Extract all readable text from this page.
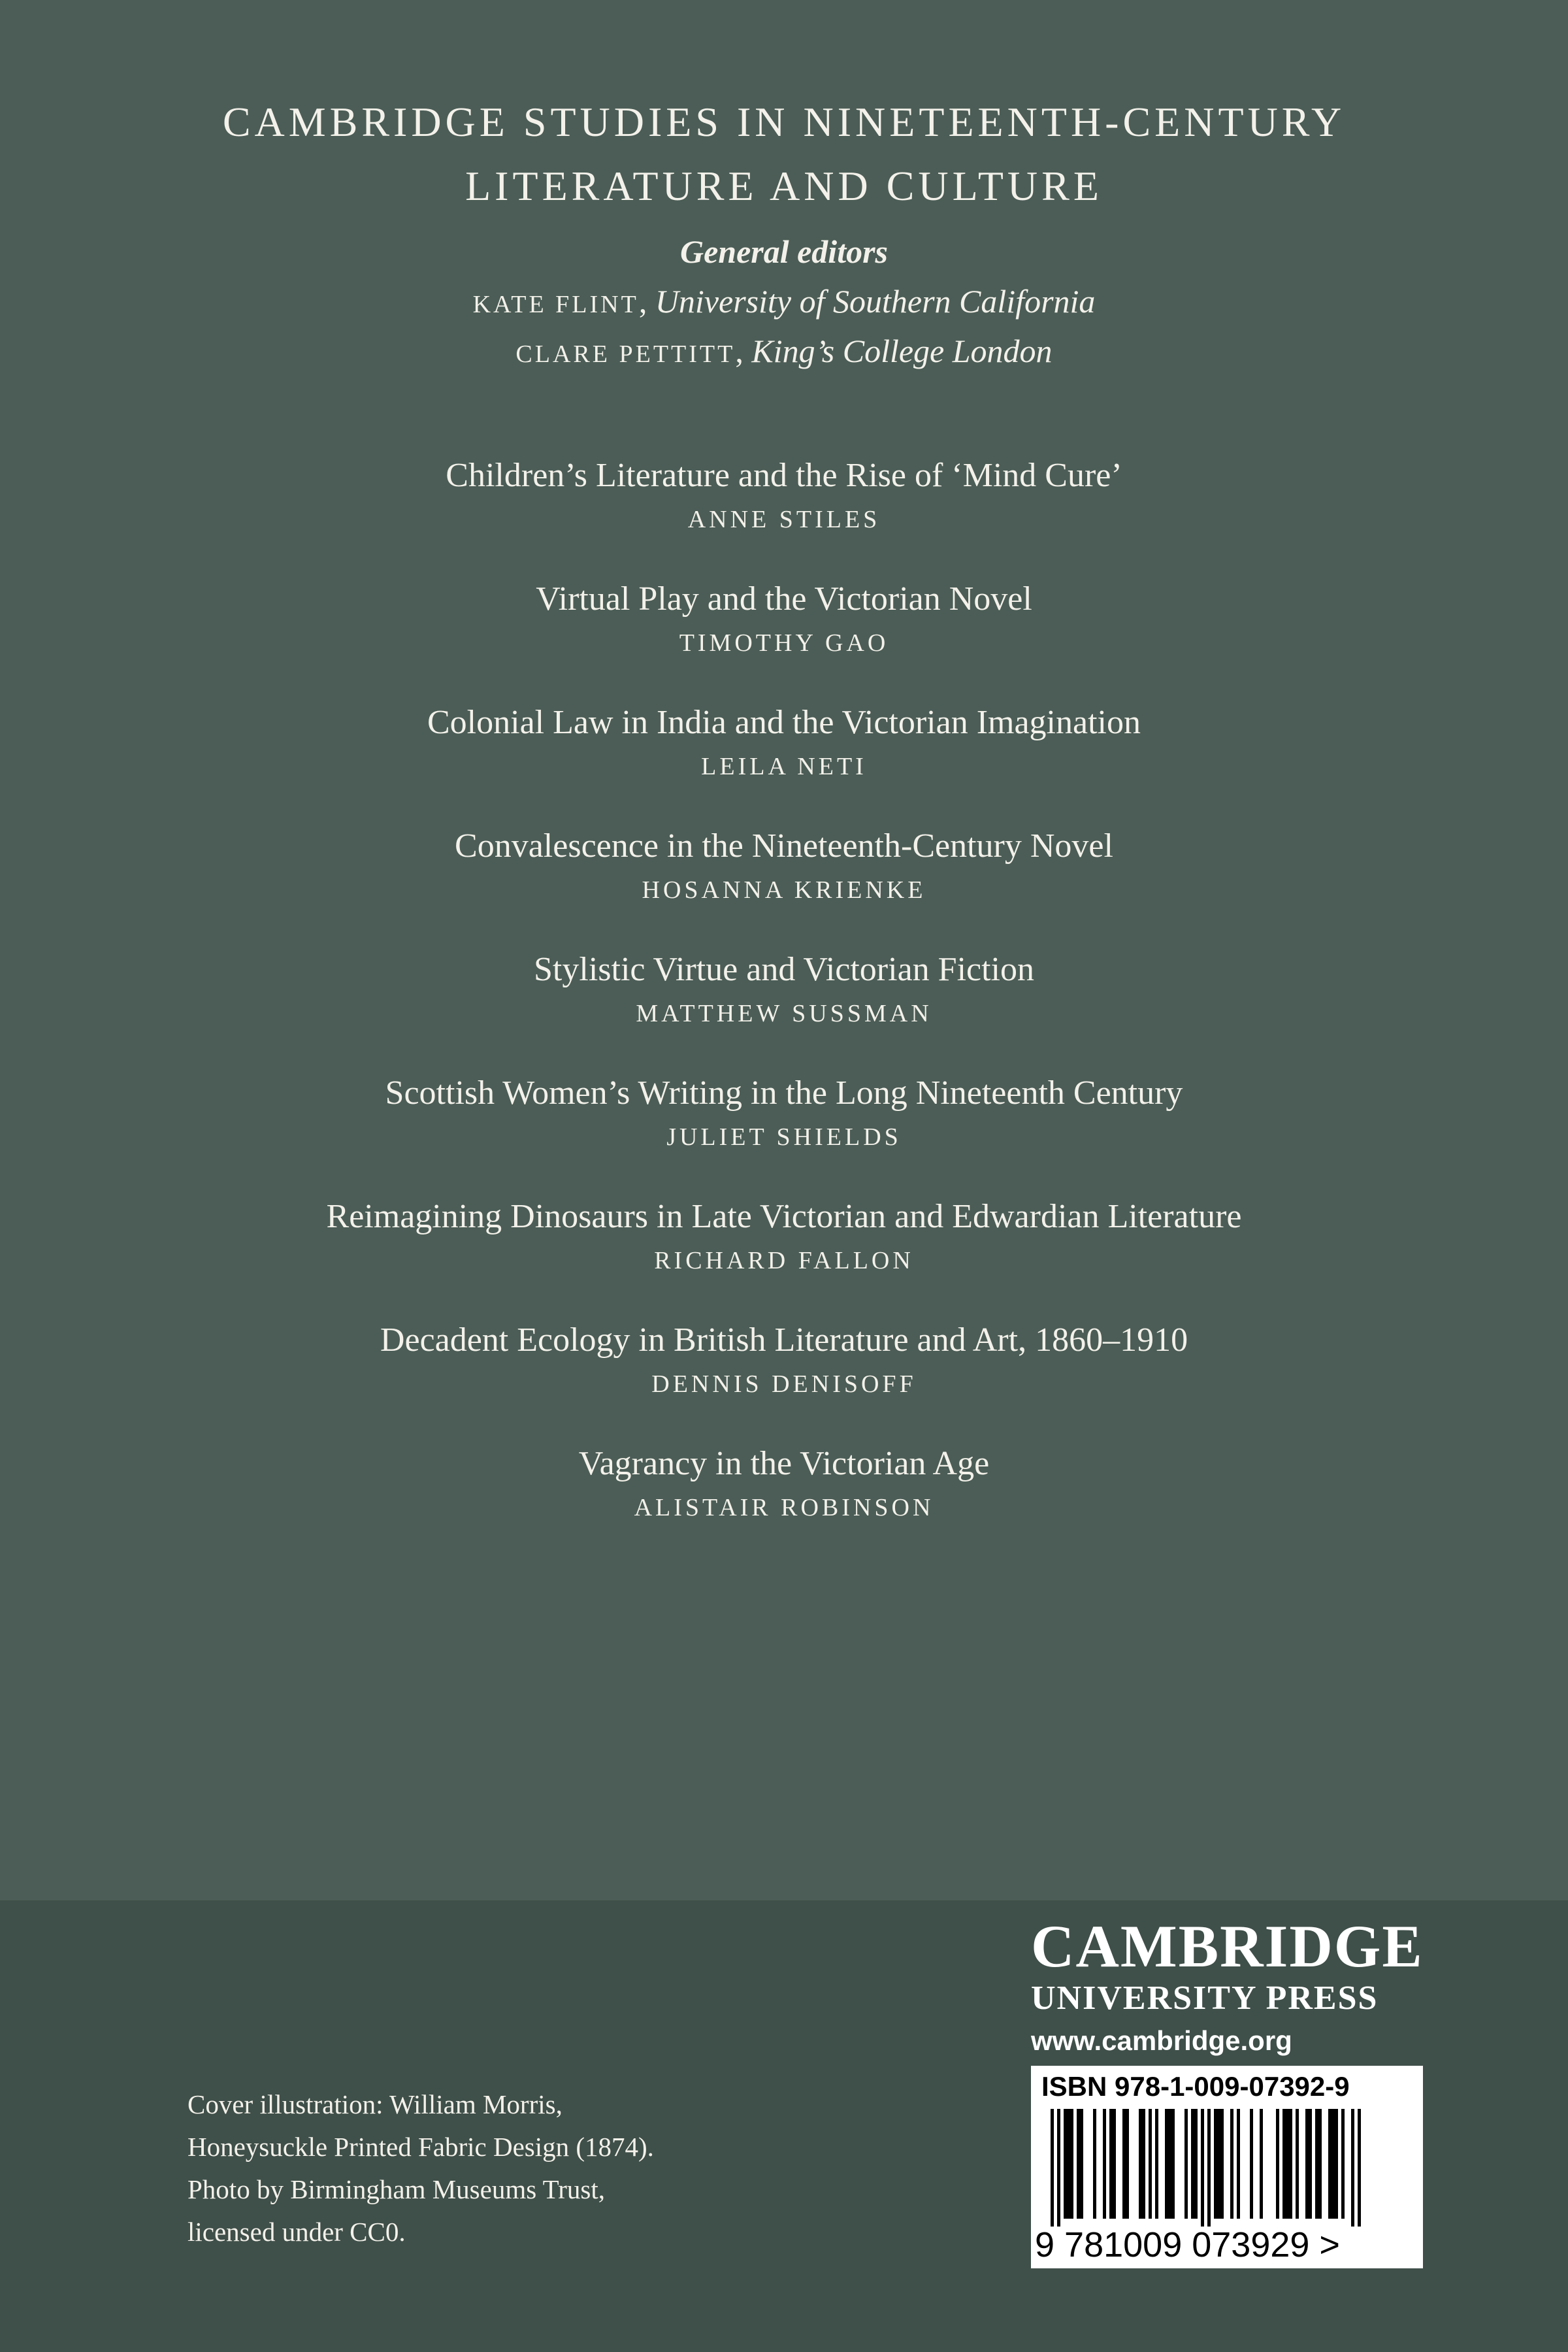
CAMBRIDGE STUDIES IN NINETEENTH-CENTURY
LITERATURE AND CULTURE
General editors
KATE FLINT, University of Southern California
CLARE PETTITT, King’s College London
Children’s Literature and the Rise of ‘Mind Cure’
ANNE STILES
Virtual Play and the Victorian Novel
TIMOTHY GAO
Colonial Law in India and the Victorian Imagination
LEILA NETI
Convalescence in the Nineteenth-Century Novel
HOSANNA KRIENKE
Stylistic Virtue and Victorian Fiction
MATTHEW SUSSMAN
Scottish Women’s Writing in the Long Nineteenth Century
JULIET SHIELDS
Reimagining Dinosaurs in Late Victorian and Edwardian Literature
RICHARD FALLON
Decadent Ecology in British Literature and Art, 1860–1910
DENNIS DENISOFF
Vagrancy in the Victorian Age
ALISTAIR ROBINSON
Cover illustration: William Morris,
Honeysuckle Printed Fabric Design (1874).
Photo by Birmingham Museums Trust,
licensed under CC0.
CAMBRIDGE
UNIVERSITY PRESS
www.cambridge.org
ISBN 978-1-009-07392-9
9 781009 073929 >
